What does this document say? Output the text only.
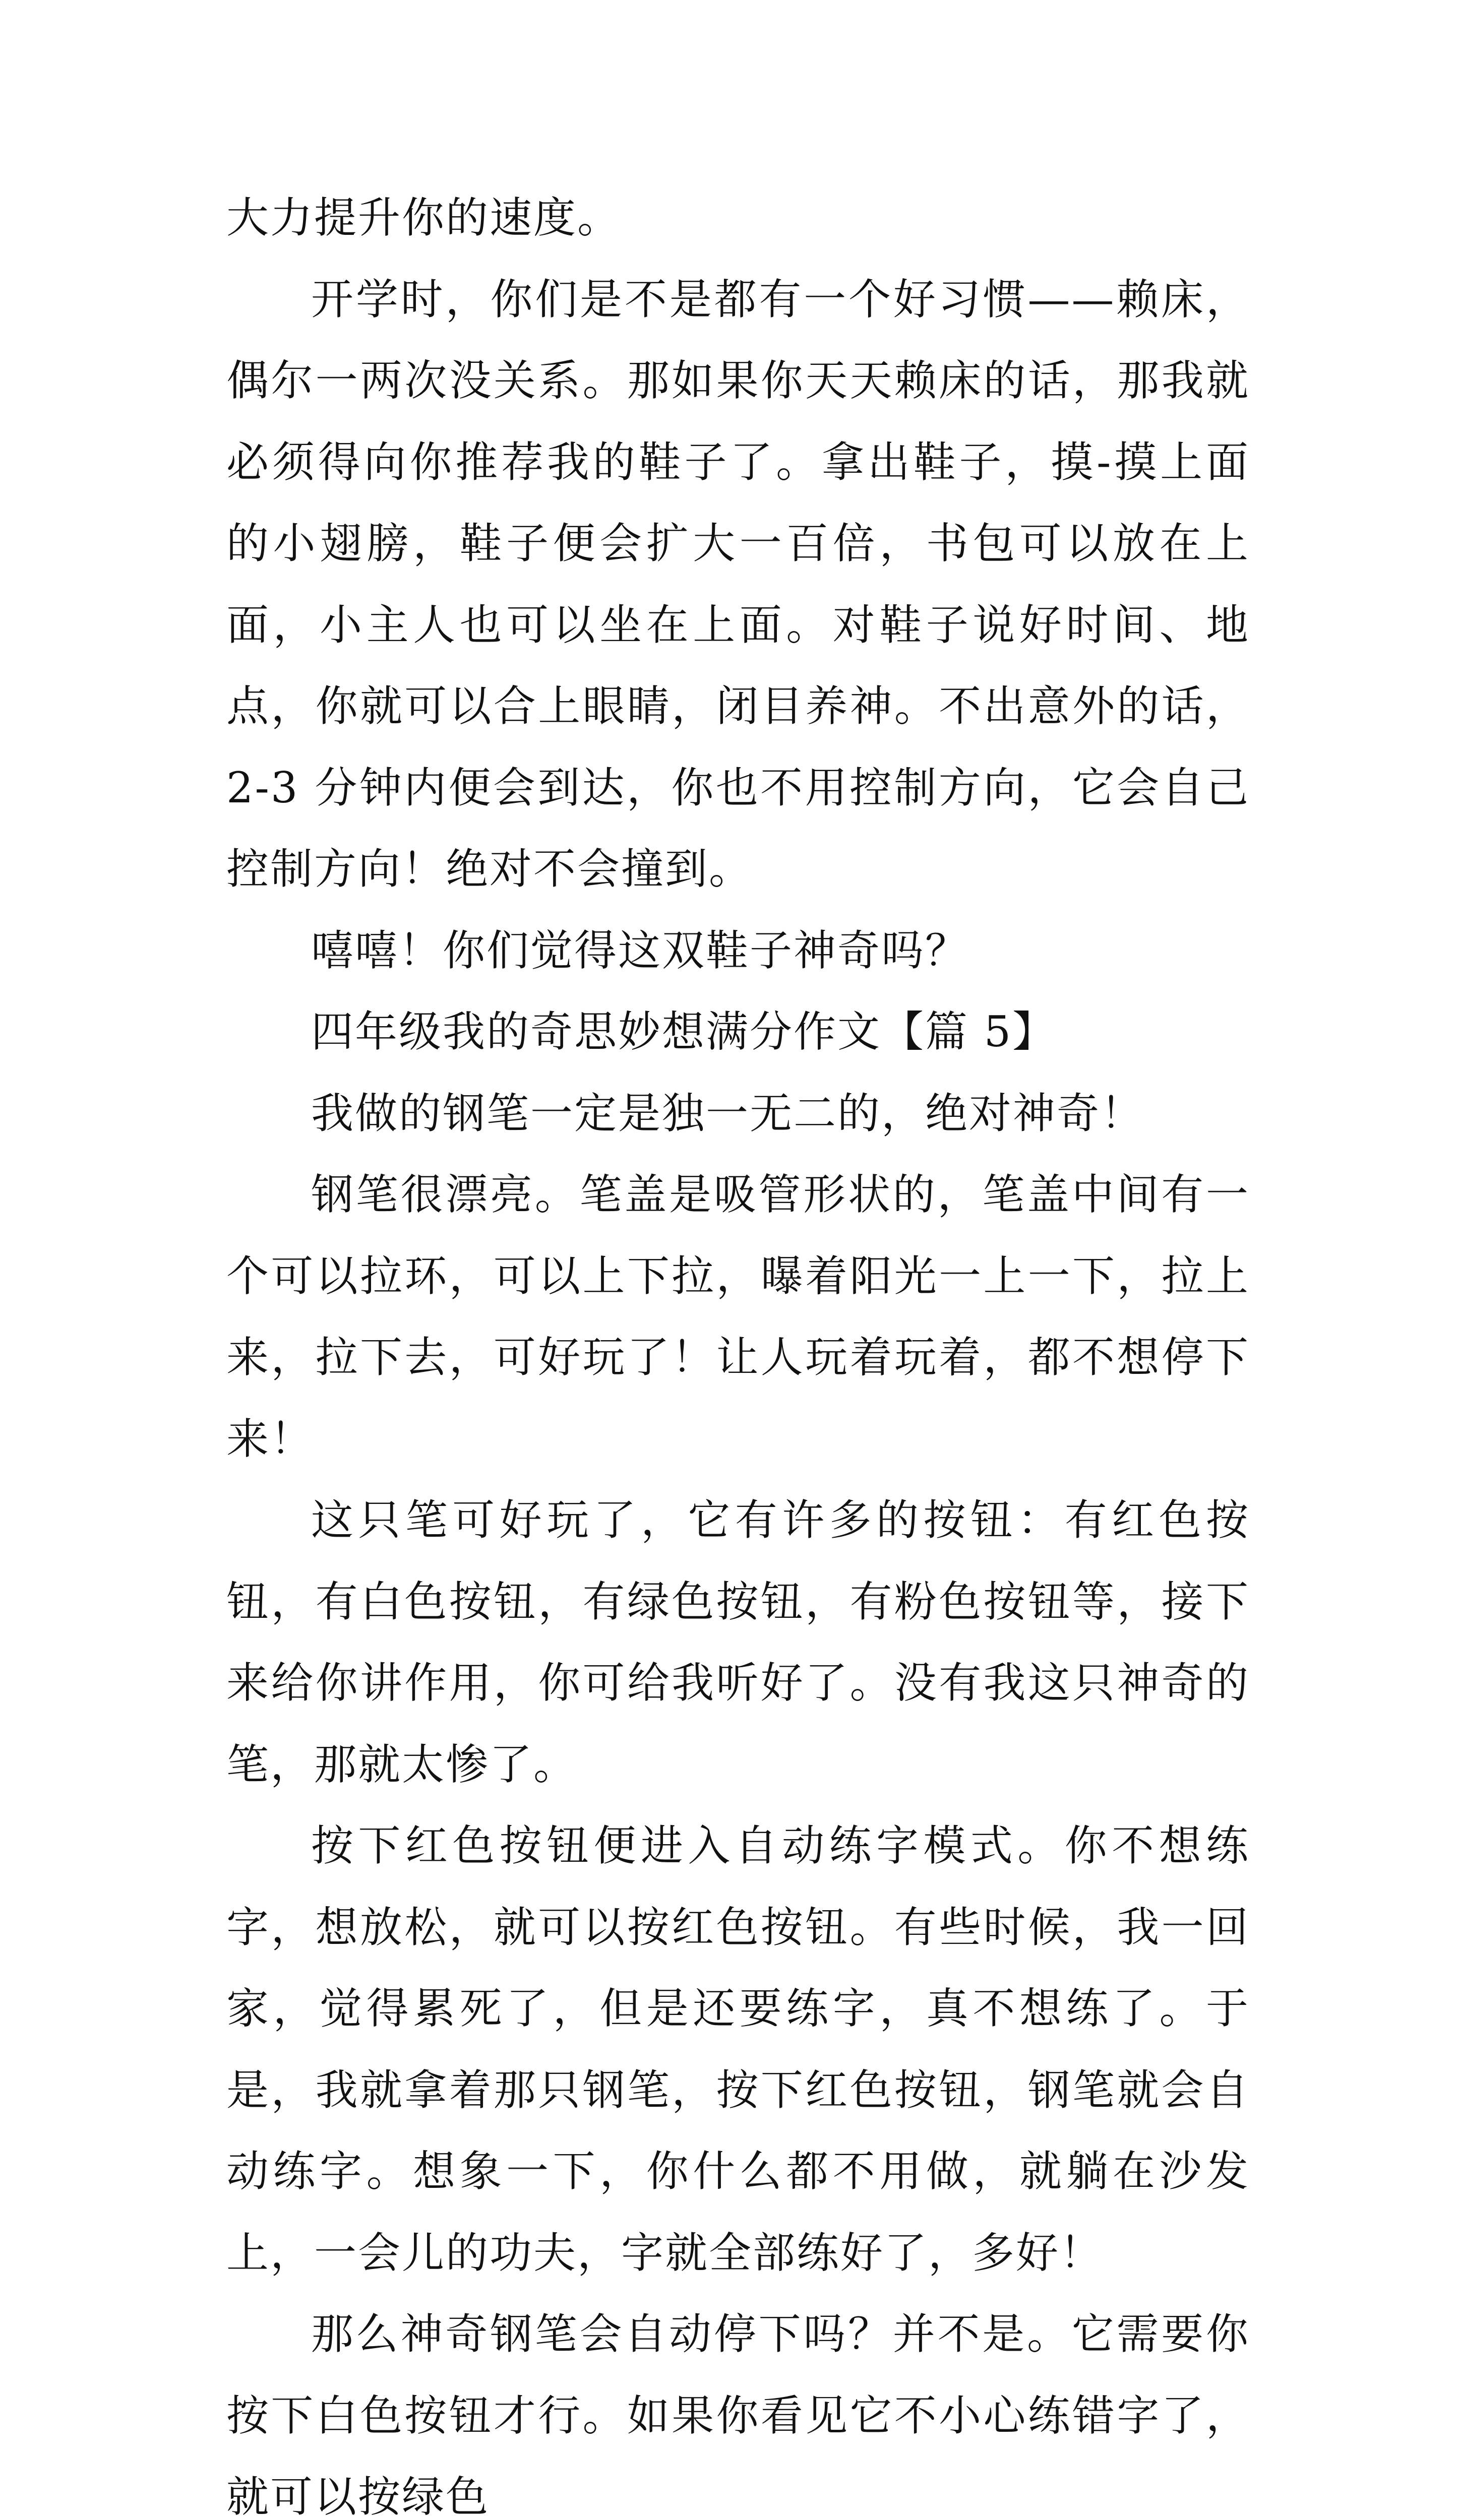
大力提升你的速度。

开学时，你们是不是都有一个好习惯——赖床，偶尔一两次没关系。那如果你天天赖床的话，那我就必须得向你推荐我的鞋子了。拿出鞋子，摸-摸上面的小翅膀，鞋子便会扩大一百倍，书包可以放在上面，小主人也可以坐在上面。对鞋子说好时间、地点，你就可以合上眼睛，闭目养神。不出意外的话，2-3 分钟内便会到达，你也不用控制方向，它会自己控制方向！绝对不会撞到。

嘻嘻！你们觉得这双鞋子神奇吗？

四年级我的奇思妙想满分作文【篇 5】

我做的钢笔一定是独一无二的，绝对神奇！

钢笔很漂亮。笔盖是吸管形状的，笔盖中间有一个可以拉环，可以上下拉，曝着阳光一上一下，拉上来，拉下去，可好玩了！让人玩着玩着，都不想停下来！

这只笔可好玩了，它有许多的按钮：有红色按钮，有白色按钮，有绿色按钮，有粉色按钮等，接下来给你讲作用，你可给我听好了。没有我这只神奇的笔，那就太惨了。

按下红色按钮便进入自动练字模式。你不想练字，想放松，就可以按红色按钮。有些时候，我一回家，觉得累死了，但是还要练字，真不想练了。于是，我就拿着那只钢笔，按下红色按钮，钢笔就会自动练字。想象一下，你什么都不用做，就躺在沙发上，一会儿的功夫，字就全部练好了，多好！

那么神奇钢笔会自动停下吗？并不是。它需要你按下白色按钮才行。如果你看见它不小心练错字了，就可以按绿色
